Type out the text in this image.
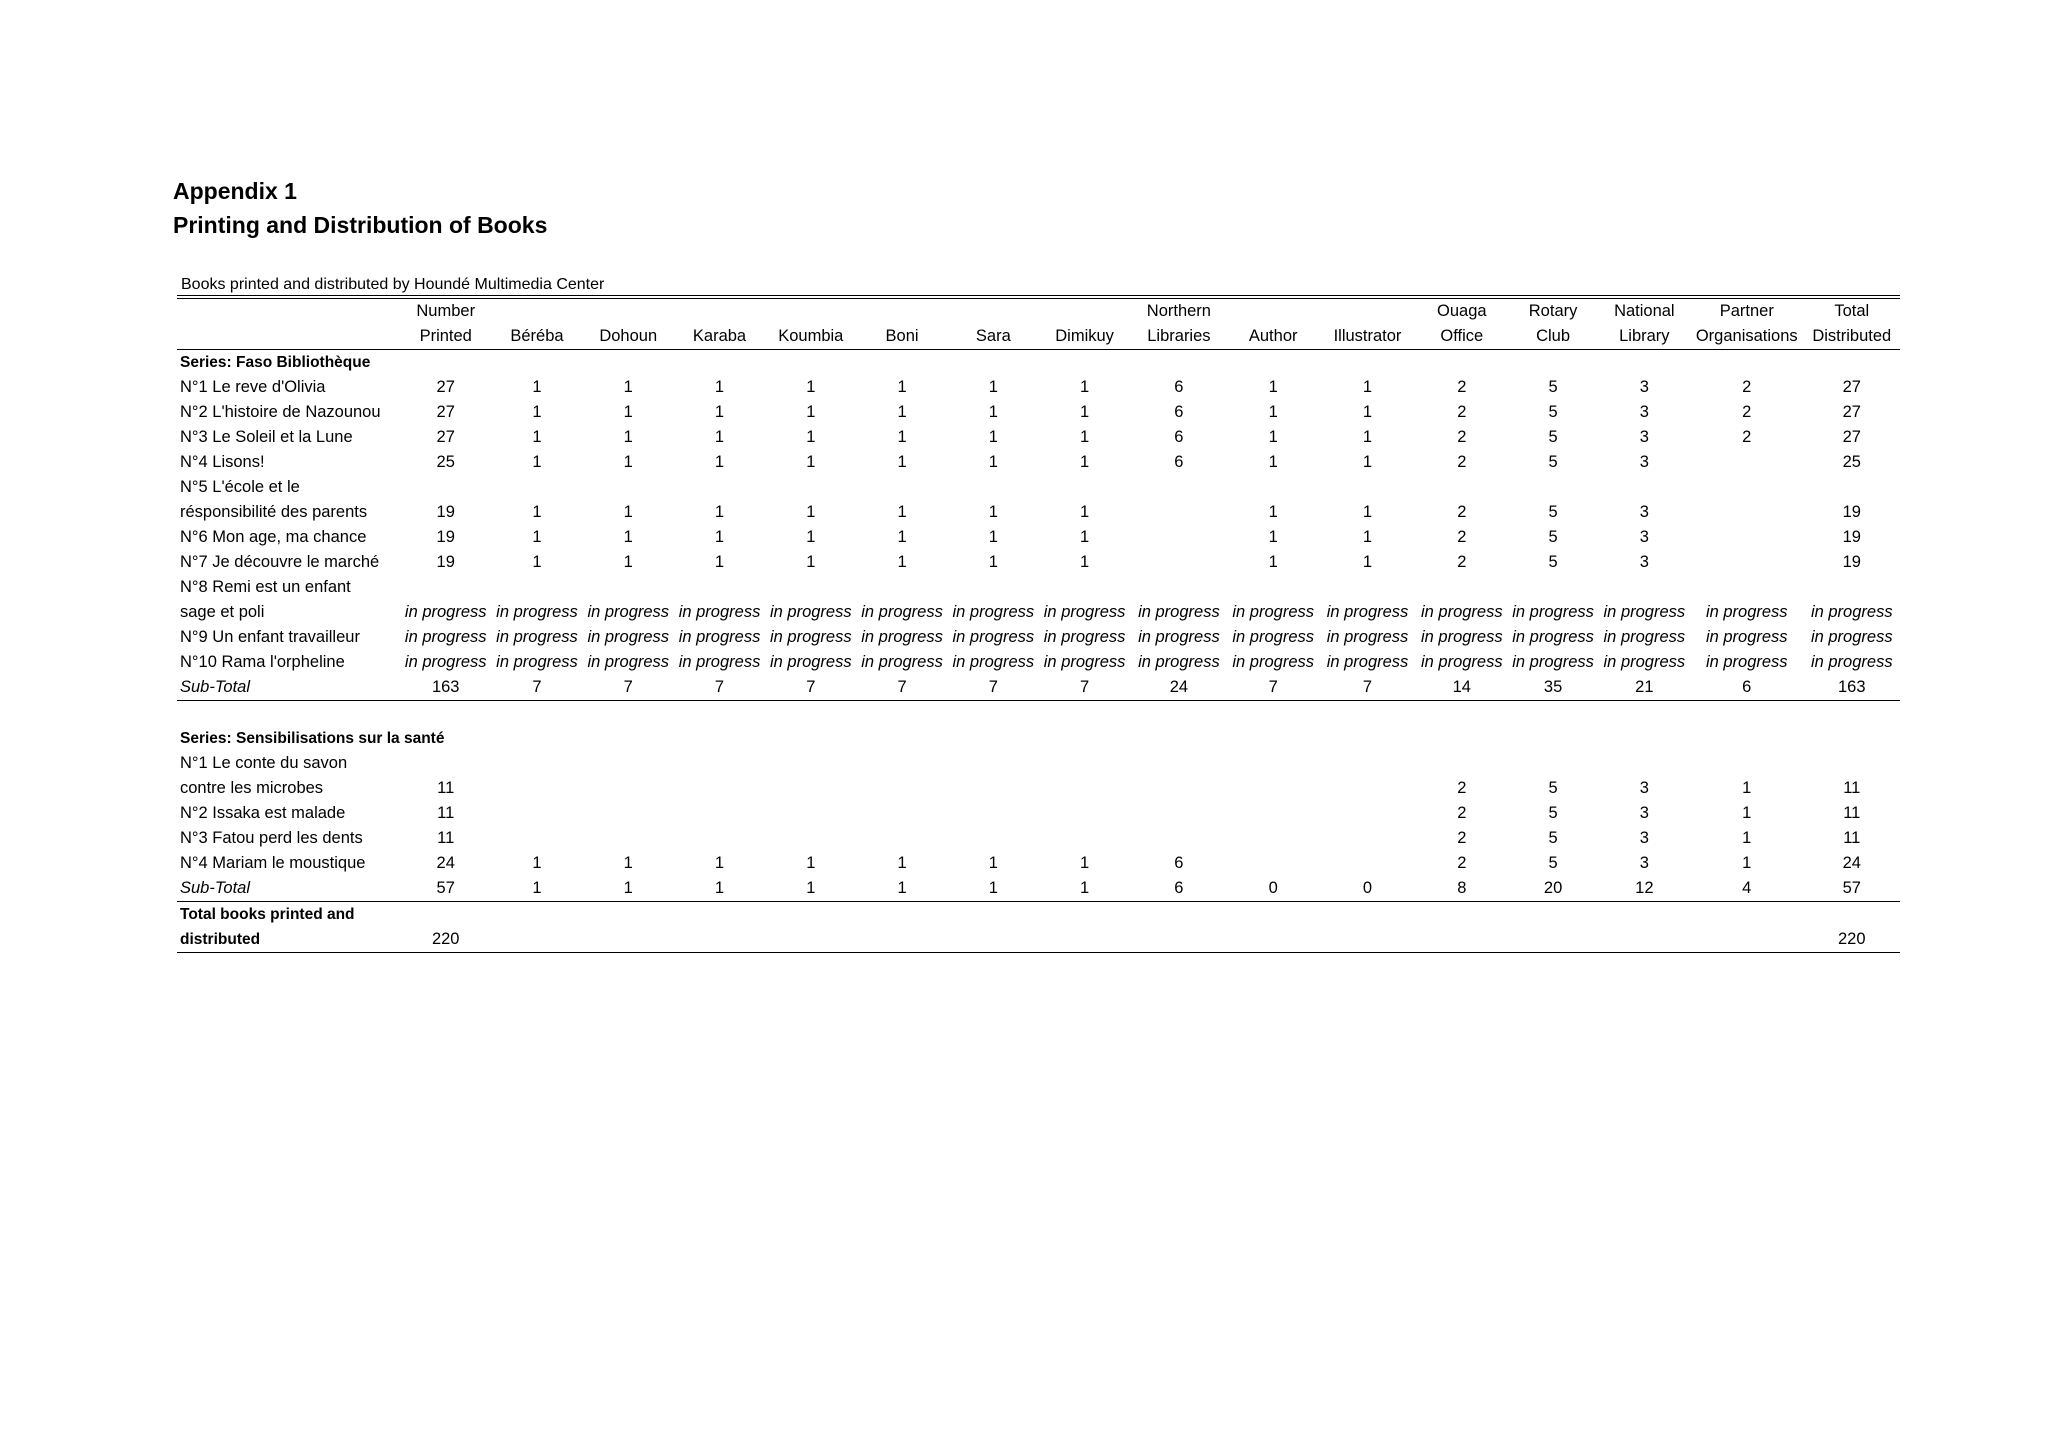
Appendix 1
Printing and Distribution of Books
Books printed and distributed by Houndé Multimedia Center
	Number								Northern			Ouaga	Rotary	National	Partner	Total
	Printed	Béréba	Dohoun	Karaba	Koumbia	Boni	Sara	Dimikuy	Libraries	Author	Illustrator	Office	Club	Library	Organisations	Distributed
Series: Faso Bibliothèque																
N°1 Le reve d'Olivia	27	1	1	1	1	1	1	1	6	1	1	2	5	3	2	27
N°2 L'histoire de Nazounou	27	1	1	1	1	1	1	1	6	1	1	2	5	3	2	27
N°3 Le Soleil et la Lune	27	1	1	1	1	1	1	1	6	1	1	2	5	3	2	27
N°4 Lisons!	25	1	1	1	1	1	1	1	6	1	1	2	5	3		25
N°5 L'école et le																
résponsibilité des parents	19	1	1	1	1	1	1	1		1	1	2	5	3		19
N°6 Mon age, ma chance	19	1	1	1	1	1	1	1		1	1	2	5	3		19
N°7 Je découvre le marché	19	1	1	1	1	1	1	1		1	1	2	5	3		19
N°8 Remi est un enfant																
sage et poli	in progress	in progress	in progress	in progress	in progress	in progress	in progress	in progress	in progress	in progress	in progress	in progress	in progress	in progress	in progress	in progress
N°9 Un enfant travailleur	in progress	in progress	in progress	in progress	in progress	in progress	in progress	in progress	in progress	in progress	in progress	in progress	in progress	in progress	in progress	in progress
N°10 Rama l'orpheline	in progress	in progress	in progress	in progress	in progress	in progress	in progress	in progress	in progress	in progress	in progress	in progress	in progress	in progress	in progress	in progress
Sub-Total	163	7	7	7	7	7	7	7	24	7	7	14	35	21	6	163

Series: Sensibilisations sur la santé																
N°1 Le conte du savon																
contre les microbes	11											2	5	3	1	11
N°2 Issaka est malade	11											2	5	3	1	11
N°3 Fatou perd les dents	11											2	5	3	1	11
N°4 Mariam le moustique	24	1	1	1	1	1	1	1	6			2	5	3	1	24
Sub-Total	57	1	1	1	1	1	1	1	6	0	0	8	20	12	4	57
Total books printed and																
distributed	220															220
